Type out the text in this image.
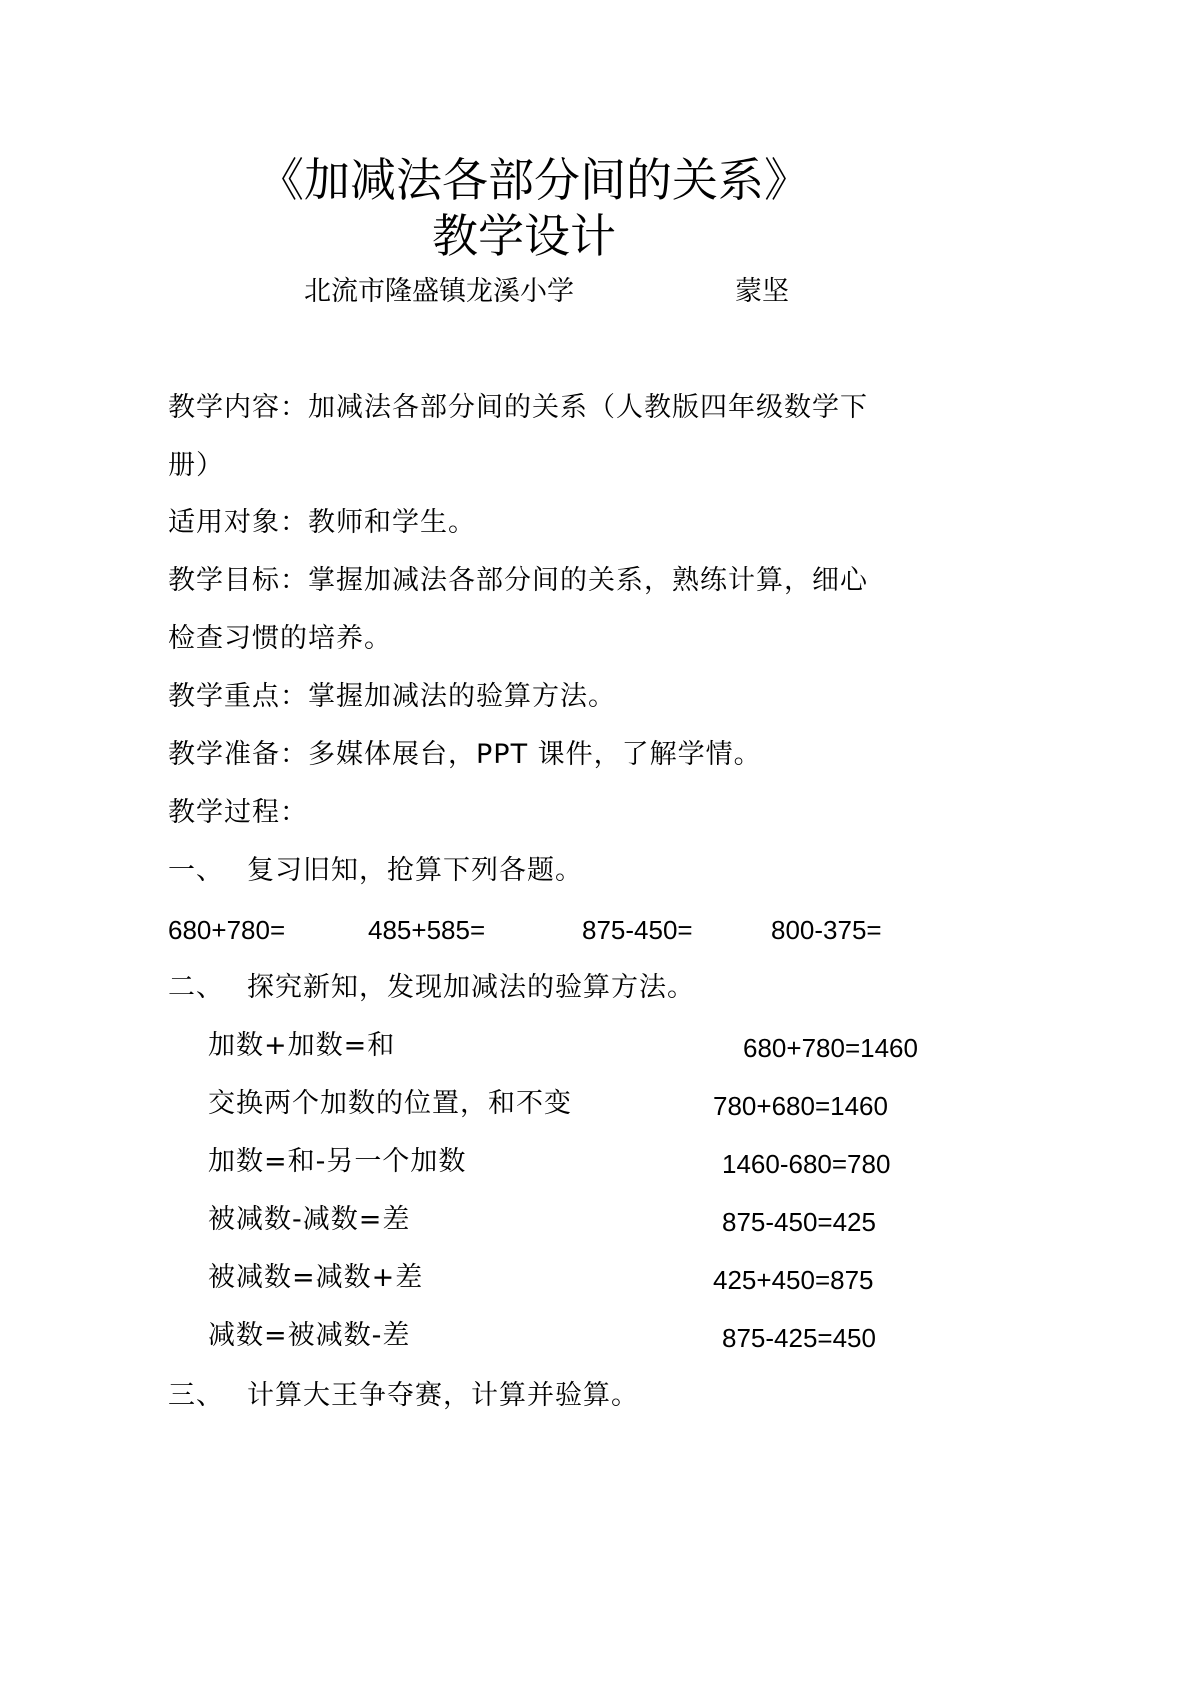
《加减法各部分间的关系》
教学设计
北流市隆盛镇龙溪小学	蒙坚
教学内容：加减法各部分间的关系（人教版四年级数学下
册）
适用对象：教师和学生。
教学目标：掌握加减法各部分间的关系，熟练计算，细心
检查习惯的培养。
教学重点：掌握加减法的验算方法。
教学准备：多媒体展台，PPT 课件，了解学情。
教学过程：
一、 复习旧知，抢算下列各题。
680+780=	485+585=	875-450=	800-375=
二、 探究新知，发现加减法的验算方法。
加数+加数=和	680+780=1460
交换两个加数的位置，和不变	780+680=1460
加数=和-另一个加数	1460-680=780
被减数-减数=差	875-450=425
被减数=减数+差	425+450=875
减数=被减数-差	875-425=450
三、 计算大王争夺赛，计算并验算。
